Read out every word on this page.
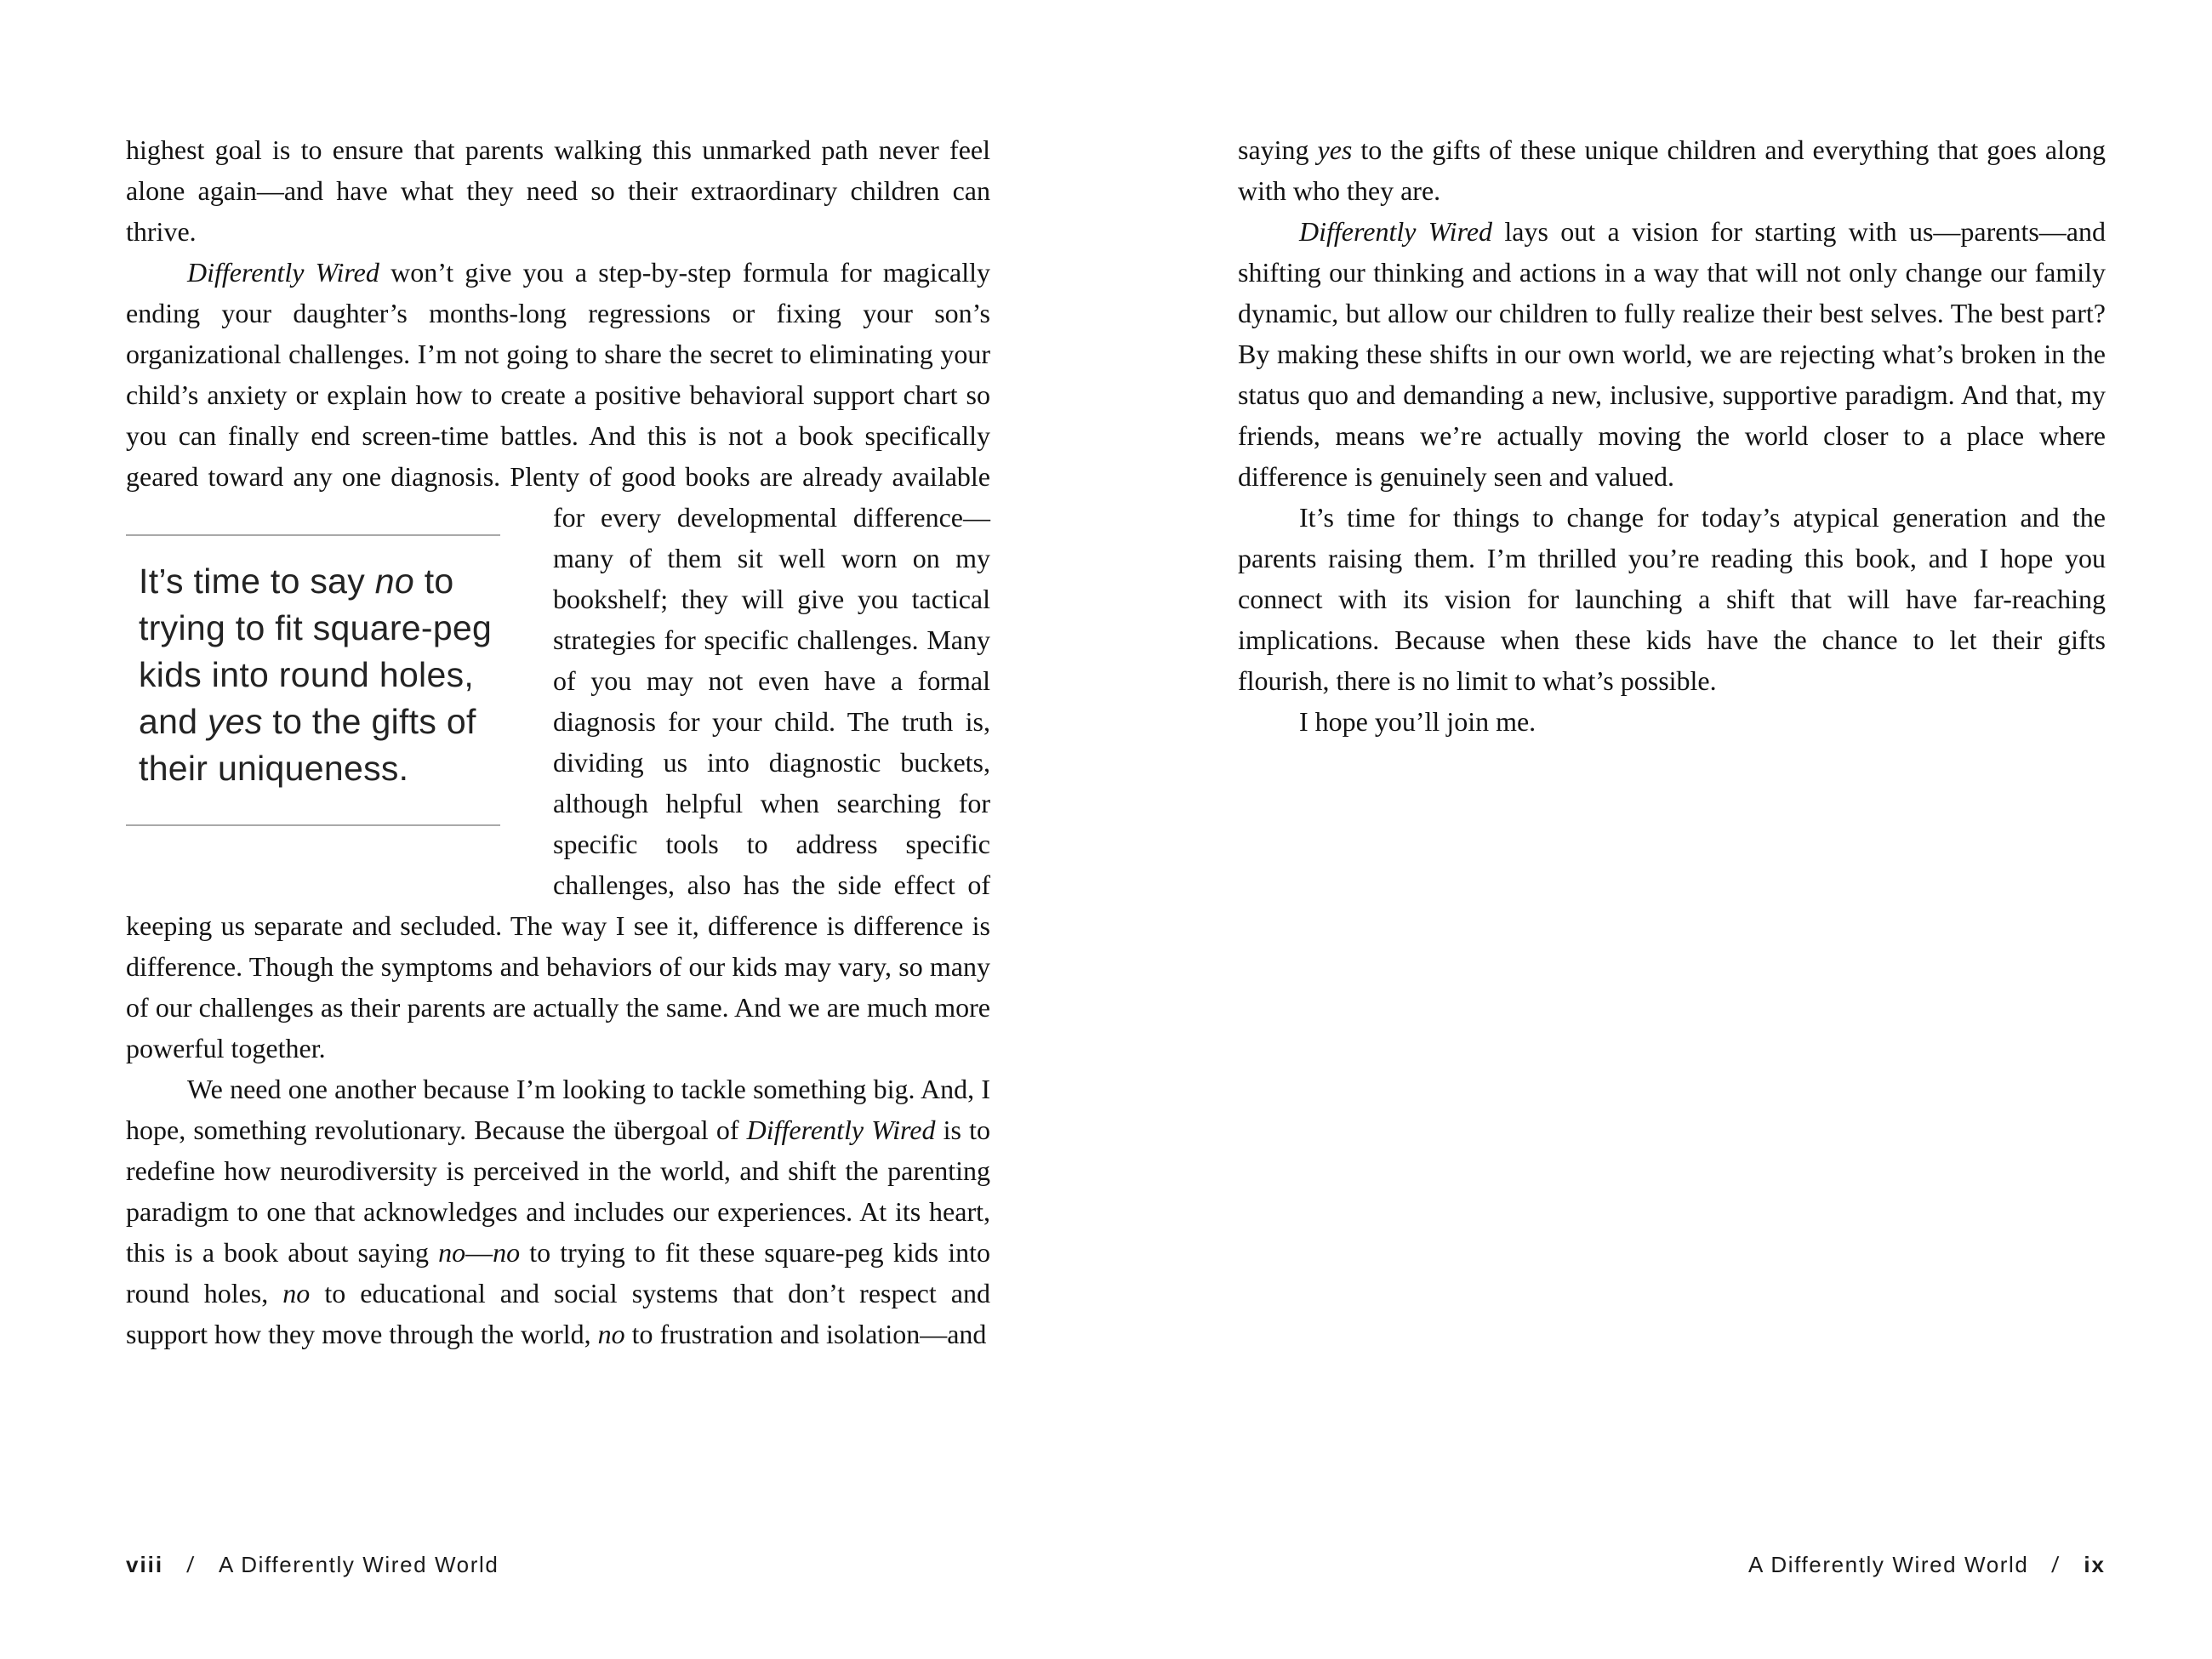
highest goal is to ensure that parents walking this unmarked path never feel alone again—and have what they need so their extraordinary children can thrive.

Differently Wired won’t give you a step-by-step formula for magically ending your daughter’s months-long regressions or fixing your son’s organizational challenges. I’m not going to share the secret to eliminating your child’s anxiety or explain how to create a positive behavioral support chart so you can finally end screen-time battles. And this is not a book specifically geared toward any one diagnosis. Plenty of good books are already available for every developmental
It’s time to say no to
trying to fit square-peg
kids into round holes,
and yes to the gifts of
their uniqueness.
difference—many of them sit well worn on my bookshelf; they will give you tactical strategies for specific challenges. Many of you may not even have a formal diagnosis for your child. The truth is, dividing us into diagnostic buckets, although helpful when searching for specific tools to address specific challenges, also has the side effect of keeping us separate and secluded. The way I see it, difference is difference is difference. Though the symptoms and behaviors of our kids may vary, so many of our challenges as their parents are actually the same. And we are much more powerful together.

We need one another because I’m looking to tackle something big. And, I hope, something revolutionary. Because the übergoal of Differently Wired is to redefine how neurodiversity is perceived in the world, and shift the parenting paradigm to one that acknowledges and includes our experiences. At its heart, this is a book about saying no—no to trying to fit these square-peg kids into round holes, no to educational and social systems that don’t respect and support how they move through the world, no to frustration and isolation—and

viii / A Differently Wired World

saying yes to the gifts of these unique children and everything that goes along with who they are.

Differently Wired lays out a vision for starting with us—parents—and shifting our thinking and actions in a way that will not only change our family dynamic, but allow our children to fully realize their best selves. The best part? By making these shifts in our own world, we are rejecting what’s broken in the status quo and demanding a new, inclusive, supportive paradigm. And that, my friends, means we’re actually moving the world closer to a place where difference is genuinely seen and valued.

It’s time for things to change for today’s atypical generation and the parents raising them. I’m thrilled you’re reading this book, and I hope you connect with its vision for launching a shift that will have far-reaching implications. Because when these kids have the chance to let their gifts flourish, there is no limit to what’s possible.

I hope you’ll join me.

A Differently Wired World / ix
